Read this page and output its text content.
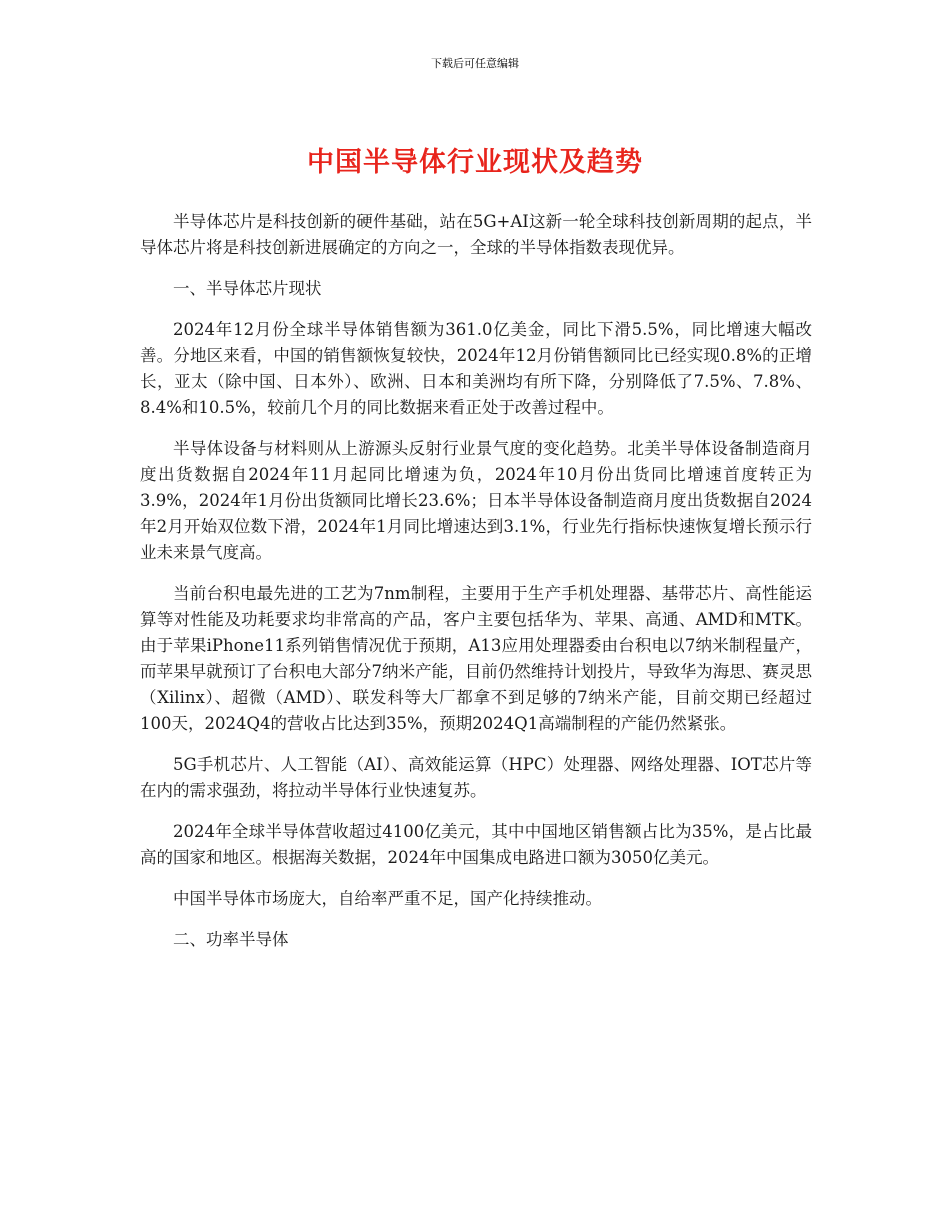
下载后可任意编辑
中国半导体行业现状及趋势

半导体芯片是科技创新的硬件基础，站在5G+AI这新一轮全球科技创新周期的起点，半导体芯片将是科技创新进展确定的方向之一，全球的半导体指数表现优异。

一、半导体芯片现状

2024年12月份全球半导体销售额为361.0亿美金，同比下滑5.5%，同比增速大幅改善。分地区来看，中国的销售额恢复较快，2024年12月份销售额同比已经实现0.8%的正增长，亚太（除中国、日本外）、欧洲、日本和美洲均有所下降，分别降低了7.5%、7.8%、8.4%和10.5%，较前几个月的同比数据来看正处于改善过程中。

半导体设备与材料则从上游源头反射行业景气度的变化趋势。北美半导体设备制造商月度出货数据自2024年11月起同比增速为负，2024年10月份出货同比增速首度转正为3.9%，2024年1月份出货额同比增长23.6%；日本半导体设备制造商月度出货数据自2024年2月开始双位数下滑，2024年1月同比增速达到3.1%，行业先行指标快速恢复增长预示行业未来景气度高。

当前台积电最先进的工艺为7nm制程，主要用于生产手机处理器、基带芯片、高性能运算等对性能及功耗要求均非常高的产品，客户主要包括华为、苹果、高通、AMD和MTK。由于苹果iPhone11系列销售情况优于预期，A13应用处理器委由台积电以7纳米制程量产，而苹果早就预订了台积电大部分7纳米产能，目前仍然维持计划投片，导致华为海思、赛灵思（Xilinx）、超微（AMD）、联发科等大厂都拿不到足够的7纳米产能，目前交期已经超过100天，2024Q4的营收占比达到35%，预期2024Q1高端制程的产能仍然紧张。

5G手机芯片、人工智能（AI）、高效能运算（HPC）处理器、网络处理器、IOT芯片等在内的需求强劲，将拉动半导体行业快速复苏。

2024年全球半导体营收超过4100亿美元，其中中国地区销售额占比为35%，是占比最高的国家和地区。根据海关数据，2024年中国集成电路进口额为3050亿美元。

中国半导体市场庞大，自给率严重不足，国产化持续推动。

二、功率半导体
